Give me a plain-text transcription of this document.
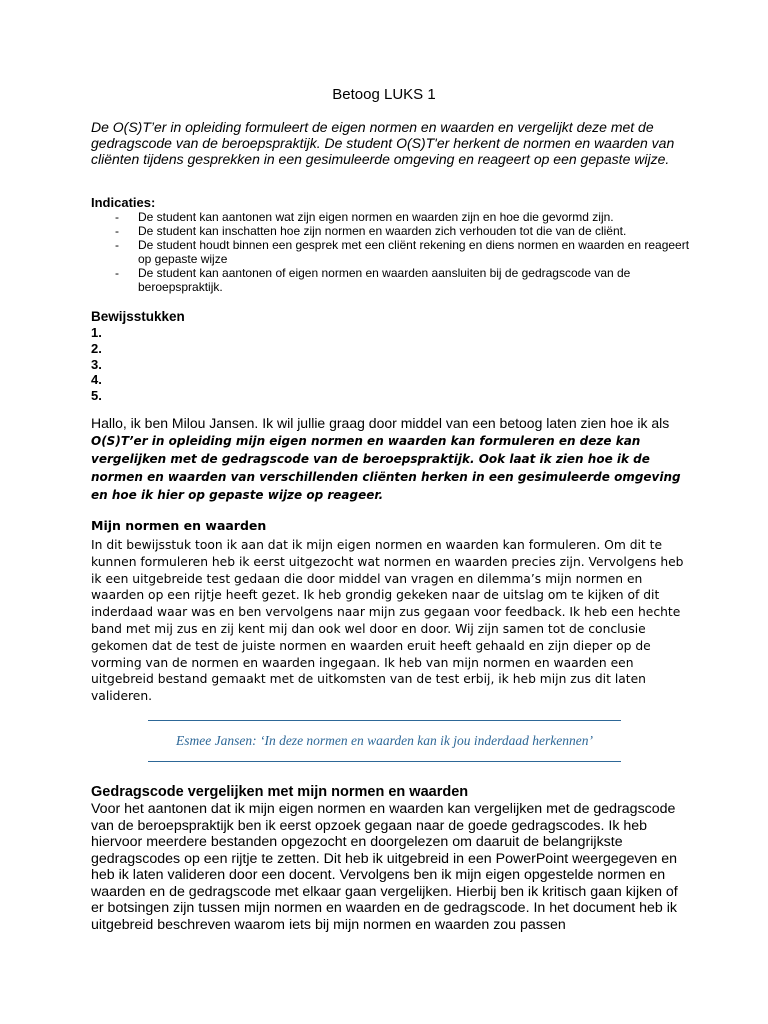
Betoog LUKS 1
De O(S)T’er in opleiding formuleert de eigen normen en waarden en vergelijkt deze met de gedragscode van de beroepspraktijk. De student O(S)T'er herkent de normen en waarden van cliënten tijdens gesprekken in een gesimuleerde omgeving en reageert op een gepaste wijze.
Indicaties:
- De student kan aantonen wat zijn eigen normen en waarden zijn en hoe die gevormd zijn.
- De student kan inschatten hoe zijn normen en waarden zich verhouden tot die van de cliënt.
- De student houdt binnen een gesprek met een cliënt rekening en diens normen en waarden en reageert op gepaste wijze
- De student kan aantonen of eigen normen en waarden aansluiten bij de gedragscode van de beroepspraktijk.
Bewijsstukken
1.
2.
3.
4.
5.
Hallo, ik ben Milou Jansen. Ik wil jullie graag door middel van een betoog laten zien hoe ik als O(S)T’er in opleiding mijn eigen normen en waarden kan formuleren en deze kan vergelijken met de gedragscode van de beroepspraktijk. Ook laat ik zien hoe ik de normen en waarden van verschillenden cliënten herken in een gesimuleerde omgeving en hoe ik hier op gepaste wijze op reageer.
Mijn normen en waarden
In dit bewijsstuk toon ik aan dat ik mijn eigen normen en waarden kan formuleren. Om dit te kunnen formuleren heb ik eerst uitgezocht wat normen en waarden precies zijn. Vervolgens heb ik een uitgebreide test gedaan die door middel van vragen en dilemma’s mijn normen en waarden op een rijtje heeft gezet. Ik heb grondig gekeken naar de uitslag om te kijken of dit inderdaad waar was en ben vervolgens naar mijn zus gegaan voor feedback. Ik heb een hechte band met mij zus en zij kent mij dan ook wel door en door. Wij zijn samen tot de conclusie gekomen dat de test de juiste normen en waarden eruit heeft gehaald en zijn dieper op de vorming van de normen en waarden ingegaan. Ik heb van mijn normen en waarden een uitgebreid bestand gemaakt met de uitkomsten van de test erbij, ik heb mijn zus dit laten valideren.
Esmee Jansen: ‘In deze normen en waarden kan ik jou inderdaad herkennen’
Gedragscode vergelijken met mijn normen en waarden
Voor het aantonen dat ik mijn eigen normen en waarden kan vergelijken met de gedragscode van de beroepspraktijk ben ik eerst opzoek gegaan naar de goede gedragscodes. Ik heb hiervoor meerdere bestanden opgezocht en doorgelezen om daaruit de belangrijkste gedragscodes op een rijtje te zetten. Dit heb ik uitgebreid in een PowerPoint weergegeven en heb ik laten valideren door een docent. Vervolgens ben ik mijn eigen opgestelde normen en waarden en de gedragscode met elkaar gaan vergelijken. Hierbij ben ik kritisch gaan kijken of er botsingen zijn tussen mijn normen en waarden en de gedragscode. In het document heb ik uitgebreid beschreven waarom iets bij mijn normen en waarden zou passen
